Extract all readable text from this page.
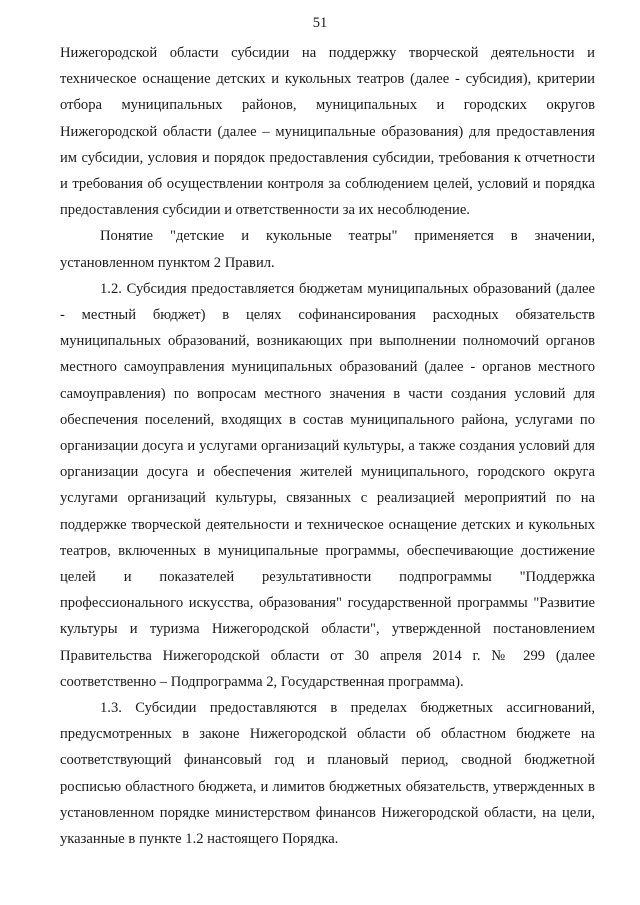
51

Нижегородской области субсидии на поддержку творческой деятельности и техническое оснащение детских и кукольных театров (далее - субсидия), критерии отбора муниципальных районов, муниципальных и городских округов Нижегородской области (далее – муниципальные образования) для предоставления им субсидии, условия и порядок предоставления субсидии, требования к отчетности и требования об осуществлении контроля за соблюдением целей, условий и порядка предоставления субсидии и ответственности за их несоблюдение.

Понятие "детские и кукольные театры" применяется в значении, установленном пунктом 2 Правил.

1.2. Субсидия предоставляется бюджетам муниципальных образований (далее - местный бюджет) в целях софинансирования расходных обязательств муниципальных образований, возникающих при выполнении полномочий органов местного самоуправления муниципальных образований (далее - органов местного самоуправления) по вопросам местного значения в части создания условий для обеспечения поселений, входящих в состав муниципального района, услугами по организации досуга и услугами организаций культуры, а также создания условий для организации досуга и обеспечения жителей муниципального, городского округа услугами организаций культуры, связанных с реализацией мероприятий по на поддержке творческой деятельности и техническое оснащение детских и кукольных театров, включенных в муниципальные программы, обеспечивающие достижение целей и показателей результативности подпрограммы "Поддержка профессионального искусства, образования" государственной программы "Развитие культуры и туризма Нижегородской области", утвержденной постановлением Правительства Нижегородской области от 30 апреля 2014 г. № 299 (далее соответственно – Подпрограмма 2, Государственная программа).

1.3. Субсидии предоставляются в пределах бюджетных ассигнований, предусмотренных в законе Нижегородской области об областном бюджете на соответствующий финансовый год и плановый период, сводной бюджетной росписью областного бюджета, и лимитов бюджетных обязательств, утвержденных в установленном порядке министерством финансов Нижегородской области, на цели, указанные в пункте 1.2 настоящего Порядка.
